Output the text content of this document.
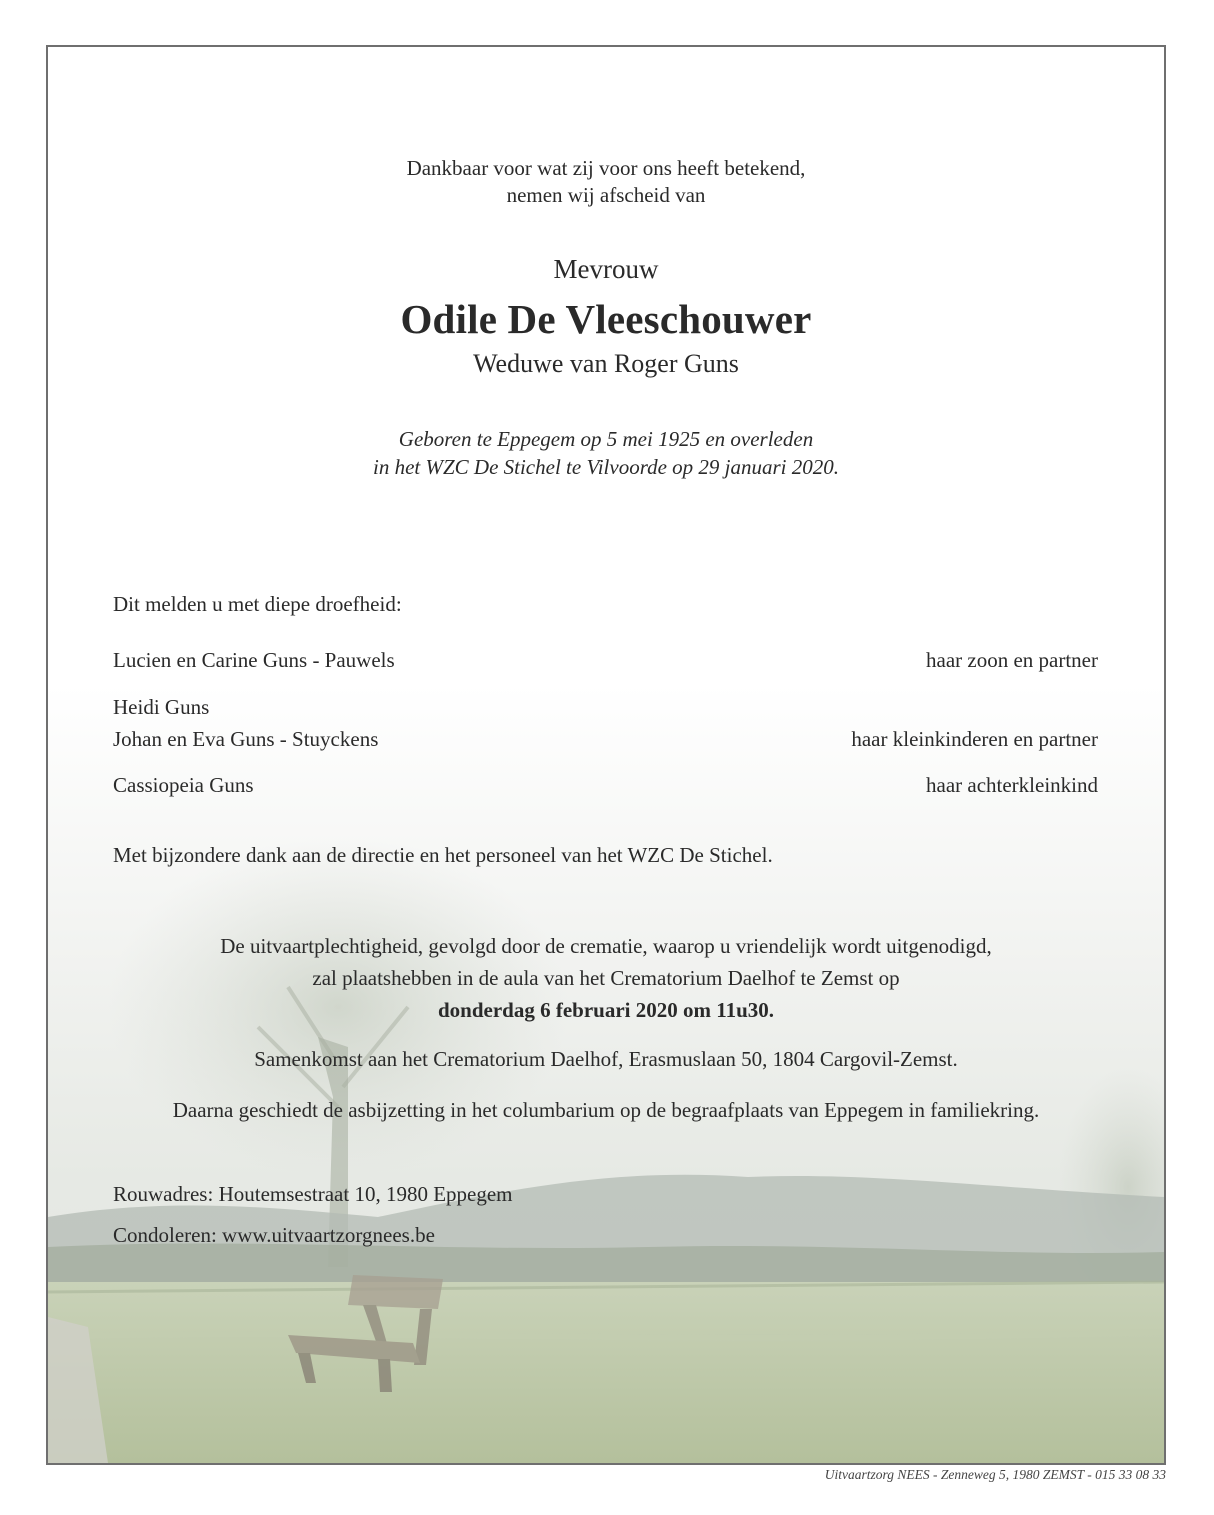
Dankbaar voor wat zij voor ons heeft betekend,
nemen wij afscheid van
Mevrouw
Odile De Vleeschouwer
Weduwe van Roger Guns
Geboren te Eppegem op 5 mei 1925 en overleden
in het WZC De Stichel te Vilvoorde op 29 januari 2020.
Dit melden u met diepe droefheid:
Lucien en Carine Guns - Pauwels	haar zoon en partner
Heidi Guns
Johan en Eva Guns - Stuyckens	haar kleinkinderen en partner
Cassiopeia Guns	haar achterkleinkind
Met bijzondere dank aan de directie en het personeel van het WZC De Stichel.
De uitvaartplechtigheid, gevolgd door de crematie, waarop u vriendelijk wordt uitgenodigd,
zal plaatshebben in de aula van het Crematorium Daelhof te Zemst op
donderdag 6 februari 2020 om 11u30.
Samenkomst aan het Crematorium Daelhof, Erasmuslaan 50, 1804 Cargovil-Zemst.
Daarna geschiedt de asbijzetting in het columbarium op de begraafplaats van Eppegem in familiekring.
Rouwadres: Houtemsestraat 10, 1980 Eppegem
Condoleren: www.uitvaartzorgnees.be
Uitvaartzorg NEES - Zenneweg 5, 1980 ZEMST - 015 33 08 33
